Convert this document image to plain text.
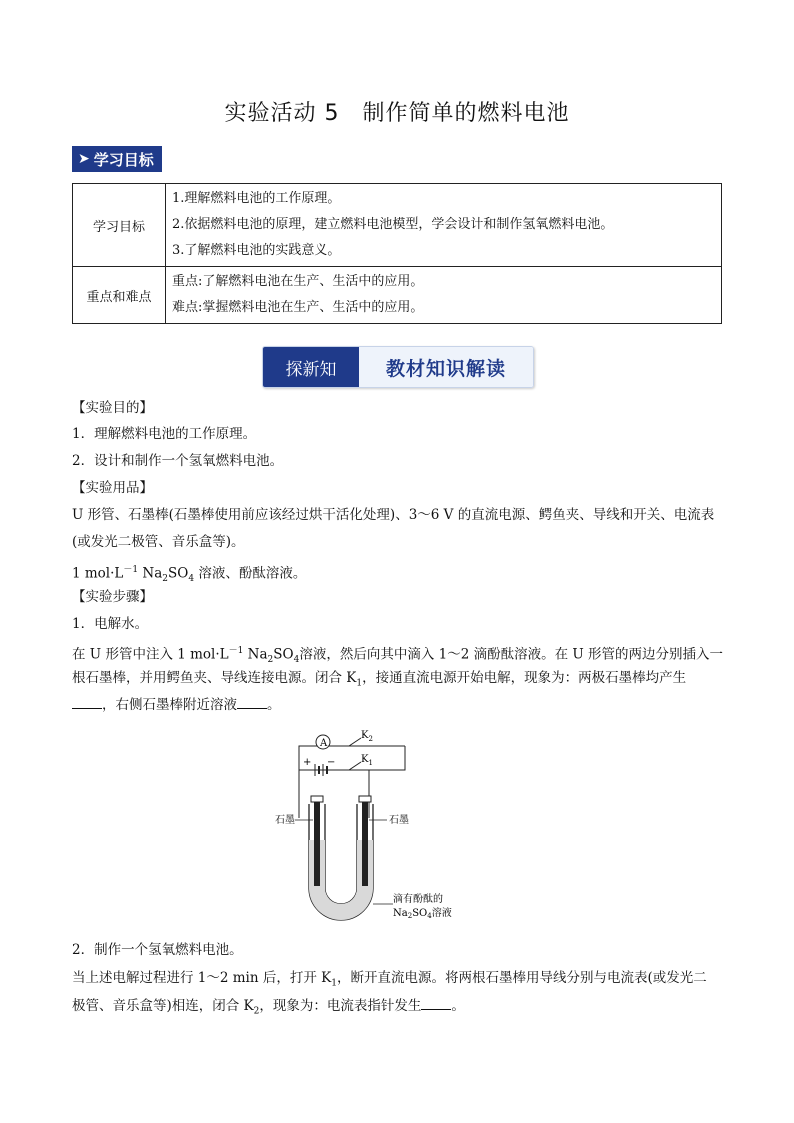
实验活动 5　制作简单的燃料电池
➤ 学习目标
学习目标	1.理解燃料电池的工作原理。
2.依据燃料电池的原理，建立燃料电池模型，学会设计和制作氢氧燃料电池。
3.了解燃料电池的实践意义。

重点和难点	重点:了解燃料电池在生产、生活中的应用。
难点:掌握燃料电池在生产、生活中的应用。
探新知	教材知识解读
【实验目的】
1．理解燃料电池的工作原理。
2．设计和制作一个氢氧燃料电池。
【实验用品】
U 形管、石墨棒(石墨棒使用前应该经过烘干活化处理)、3～6 V 的直流电源、鳄鱼夹、导线和开关、电流表
(或发光二极管、音乐盒等)。
1 $mol\cdot L^{-1}$ $Na_2SO_4$ 溶液、酚酞溶液。
【实验步骤】
1．电解水。
在 U 形管中注入 1 $mol\cdot L^{-1}$ $Na_2SO_4$溶液，然后向其中滴入 1～2 滴酚酞溶液。在 U 形管的两边分别插入一
根石墨棒，并用鳄鱼夹、导线连接电源。闭合 $K_1$，接通直流电源开始电解，现象为：两极石墨棒均产生
，右侧石墨棒附近溶液 。
A
$K_2$
+ −	$K_1$
石墨	石墨
滴有酚酞的
$Na_2SO_4$溶液
2．制作一个氢氧燃料电池。
当上述电解过程进行 1～2 min 后，打开 $K_1$，断开直流电源。将两根石墨棒用导线分别与电流表(或发光二
极管、音乐盒等)相连，闭合 $K_2$，现象为：电流表指针发生 。
